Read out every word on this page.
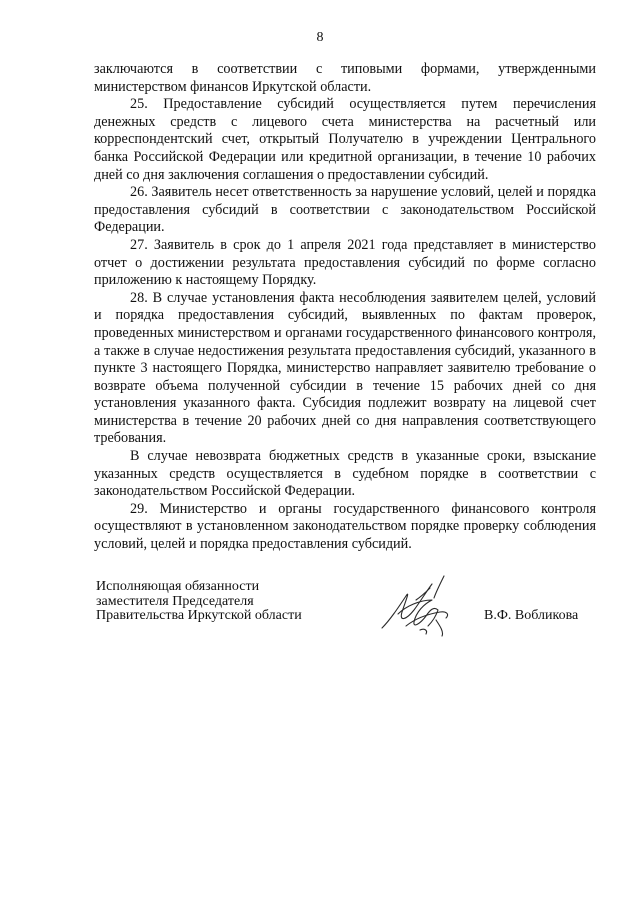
8

заключаются в соответствии с типовыми формами, утвержденными министерством финансов Иркутской области.

25. Предоставление субсидий осуществляется путем перечисления денежных средств с лицевого счета министерства на расчетный или корреспондентский счет, открытый Получателю в учреждении Центрального банка Российской Федерации или кредитной организации, в течение 10 рабочих дней со дня заключения соглашения о предоставлении субсидий.

26. Заявитель несет ответственность за нарушение условий, целей и порядка предоставления субсидий в соответствии с законодательством Российской Федерации.

27. Заявитель в срок до 1 апреля 2021 года представляет в министерство отчет о достижении результата предоставления субсидий по форме согласно приложению к настоящему Порядку.

28. В случае установления факта несоблюдения заявителем целей, условий и порядка предоставления субсидий, выявленных по фактам проверок, проведенных министерством и органами государственного финансового контроля, а также в случае недостижения результата предоставления субсидий, указанного в пункте 3 настоящего Порядка, министерство направляет заявителю требование о возврате объема полученной субсидии в течение 15 рабочих дней со дня установления указанного факта. Субсидия подлежит возврату на лицевой счет министерства в течение 20 рабочих дней со дня направления соответствующего требования.

В случае невозврата бюджетных средств в указанные сроки, взыскание указанных средств осуществляется в судебном порядке в соответствии с законодательством Российской Федерации.

29. Министерство и органы государственного финансового контроля осуществляют в установленном законодательством порядке проверку соблюдения условий, целей и порядка предоставления субсидий.

Исполняющая обязанности
заместителя Председателя
Правительства Иркутской области	В.Ф. Вобликова
